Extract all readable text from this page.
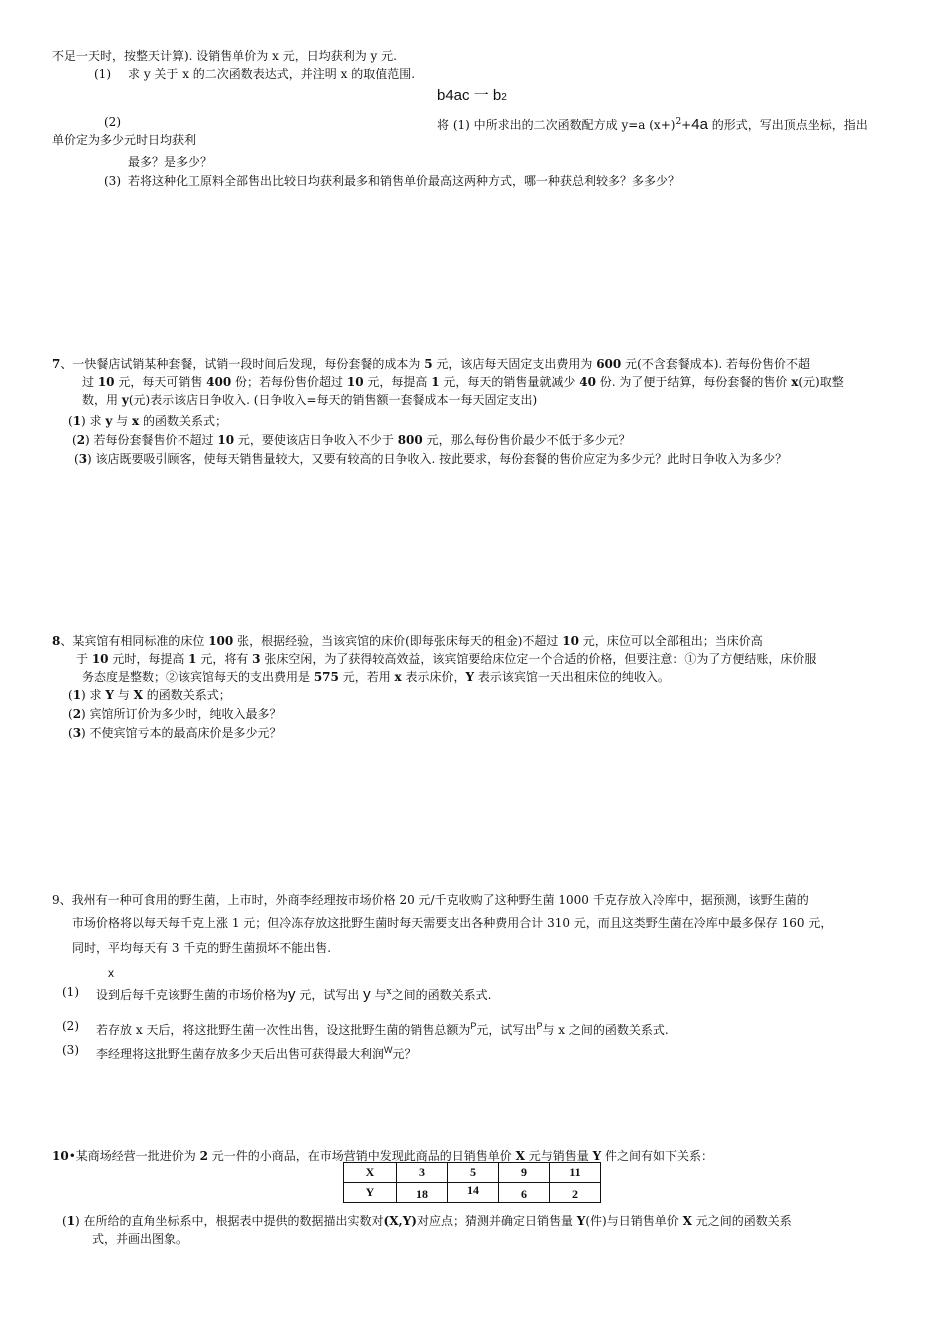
不足一天时，按整天计算). 设销售单价为 x 元，日均获利为 y 元.
(1) 求 y 关于 x 的二次函数表达式，并注明 x 的取值范围.
b4ac 一 b2
(2)	将 (1) 中所求出的二次函数配方成 y=a $(x+)^2+4a$ 的形式，写出顶点坐标，指出
单价定为多少元时日均获利
最多？是多少？
(3) 若将这种化工原料全部售出比较日均获利最多和销售单价最高这两种方式，哪一种获总利较多？多多少？
7、一快餐店试销某种套餐，试销一段时间后发现，每份套餐的成本为 5 元，该店每天固定支出费用为 600 元(不含套餐成本). 若每份售价不超
过 10 元，每天可销售 400 份；若每份售价超过 10 元，每提高 1 元，每天的销售量就减少 40 份. 为了便于结算，每份套餐的售价 x(元)取整
数，用 y(元)表示该店日争收入. (日争收入=每天的销售额一套餐成本一每天固定支出)
(1) 求 y 与 x 的函数关系式；
(2) 若每份套餐售价不超过 10 元，要使该店日争收入不少于 800 元，那么每份售价最少不低于多少元？
(3) 该店既要吸引顾客，使每天销售量较大，又要有较高的日争收入. 按此要求，每份套餐的售价应定为多少元？此时日争收入为多少？
8、某宾馆有相同标准的床位 100 张，根据经验，当该宾馆的床价(即每张床每天的租金)不超过 10 元，床位可以全部租出；当床价高
于 10 元时，每提高 1 元，将有 3 张床空闲，为了获得较高效益，该宾馆要给床位定一个合适的价格，但要注意：①为了方便结账，床价服
务态度是整数；②该宾馆每天的支出费用是 575 元，若用 x 表示床价，Y 表示该宾馆一天出租床位的纯收入。
(1) 求 Y 与 X 的函数关系式；
(2) 宾馆所订价为多少时，纯收入最多？
(3) 不使宾馆亏本的最高床价是多少元？
9、我州有一种可食用的野生菌，上市时，外商李经理按市场价格 20 元/千克收购了这种野生菌 1000 千克存放入冷库中，据预测，该野生菌的
市场价格将以每天每千克上涨 1 元；但冷冻存放这批野生菌时每天需要支出各种费用合计 310 元，而且这类野生菌在冷库中最多保存 160 元，
同时，平均每天有 3 千克的野生菌损坏不能出售.
x
(1) 设到后每千克该野生菌的市场价格为y 元，试写出 y 与$^x$之间的函数关系式.
(2) 若存放 x 天后，将这批野生菌一次性出售，设这批野生菌的销售总额为$^P$元，试写出$^P$与 x 之间的函数关系式.
(3) 李经理将这批野生菌存放多少天后出售可获得最大利润$^W$元？
10•某商场经营一批进价为 2 元一件的小商品，在市场营销中发现此商品的日销售单价 X 元与销售量 Y 件之间有如下关系：
X	3	5	9	11
Y	18	14	6	2
(1) 在所给的直角坐标系中，根据表中提供的数据描出实数对(X,Y)对应点；猜测并确定日销售量 Y(件)与日销售单价 X 元之间的函数关系
式，并画出图象。
